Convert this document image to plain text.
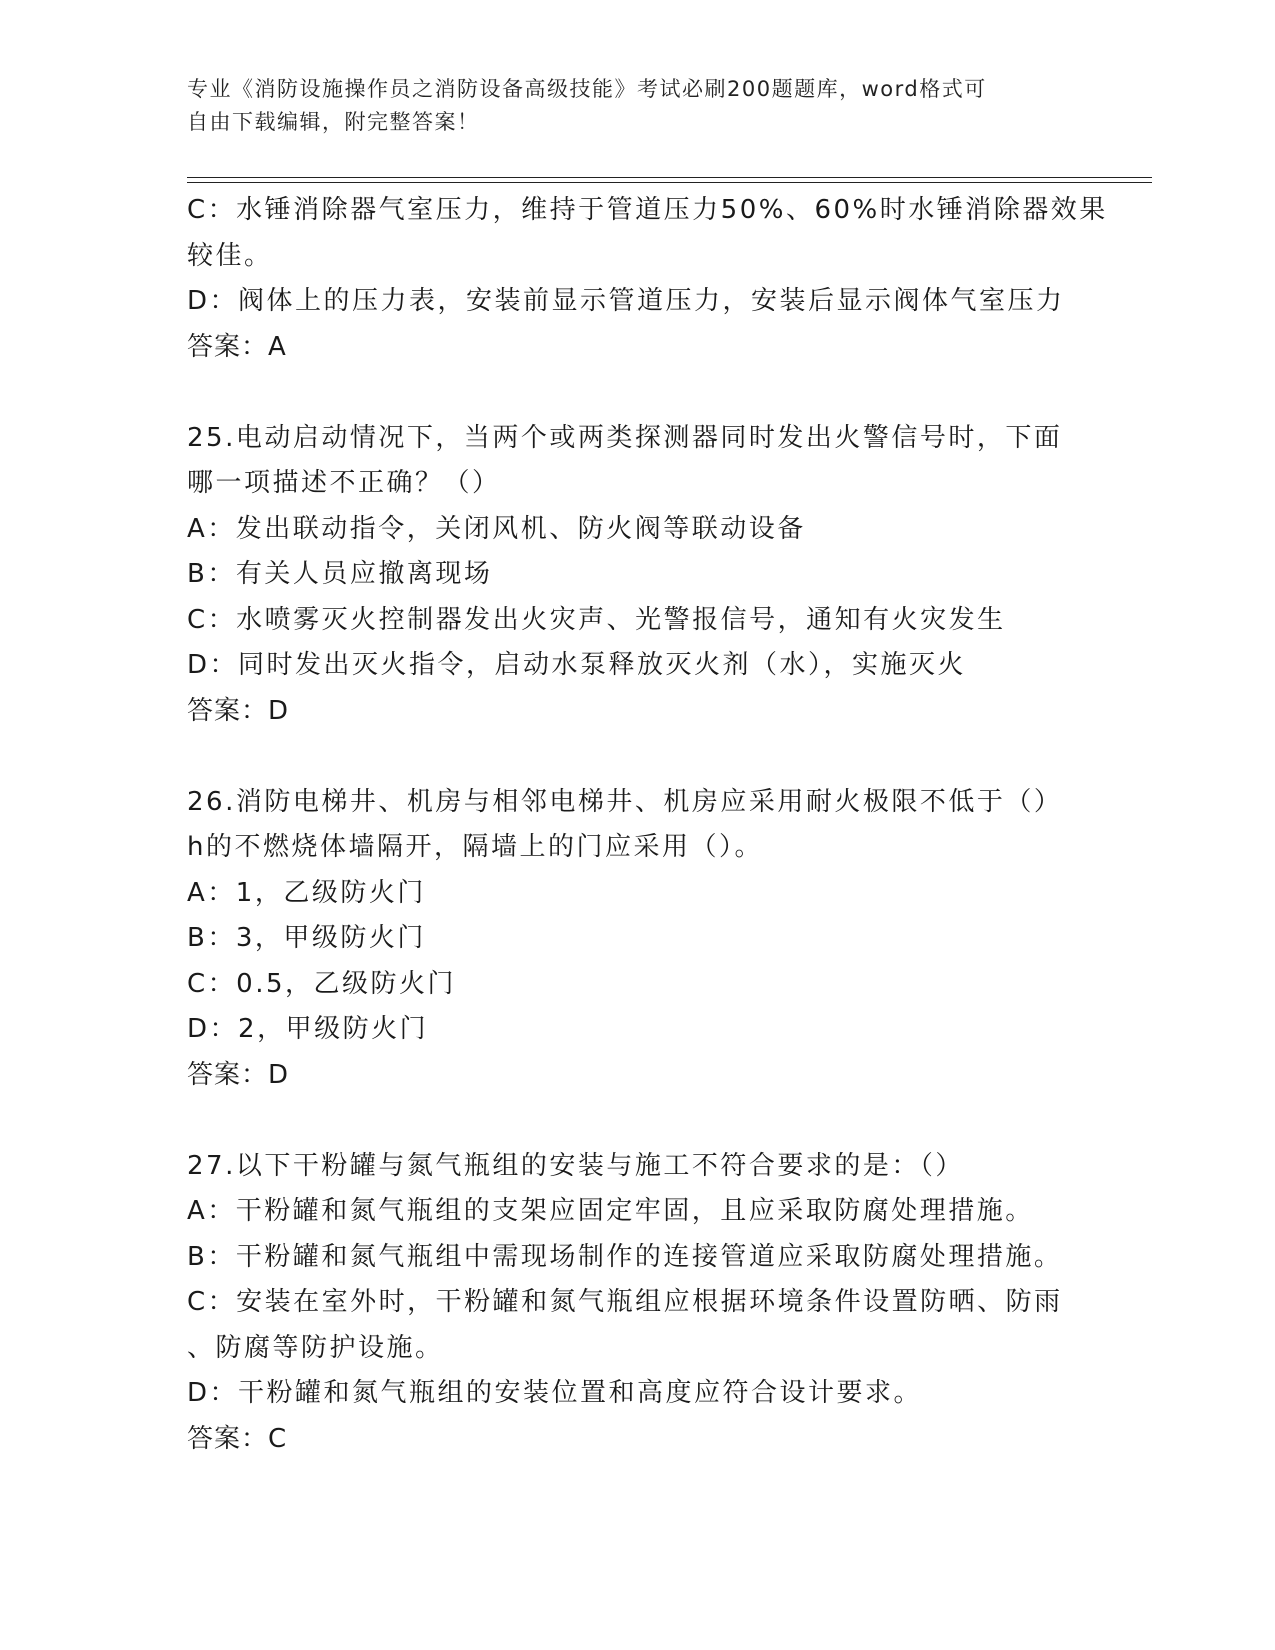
专业《消防设施操作员之消防设备高级技能》考试必刷200题题库，word格式可
自由下载编辑，附完整答案！
C：水锤消除器气室压力，维持于管道压力50%、60%时水锤消除器效果
较佳。
D：阀体上的压力表，安装前显示管道压力，安装后显示阀体气室压力
答案：A
25.电动启动情况下，当两个或两类探测器同时发出火警信号时，下面
哪一项描述不正确？（）
A：发出联动指令，关闭风机、防火阀等联动设备
B：有关人员应撤离现场
C：水喷雾灭火控制器发出火灾声、光警报信号，通知有火灾发生
D：同时发出灭火指令，启动水泵释放灭火剂（水），实施灭火
答案：D
26.消防电梯井、机房与相邻电梯井、机房应采用耐火极限不低于（）
h的不燃烧体墙隔开，隔墙上的门应采用（）。
A：1，乙级防火门
B：3，甲级防火门
C：0.5，乙级防火门
D：2，甲级防火门
答案：D
27.以下干粉罐与氮气瓶组的安装与施工不符合要求的是：（）
A：干粉罐和氮气瓶组的支架应固定牢固，且应采取防腐处理措施。
B：干粉罐和氮气瓶组中需现场制作的连接管道应采取防腐处理措施。
C：安装在室外时，干粉罐和氮气瓶组应根据环境条件设置防晒、防雨
、防腐等防护设施。
D：干粉罐和氮气瓶组的安装位置和高度应符合设计要求。
答案：C
